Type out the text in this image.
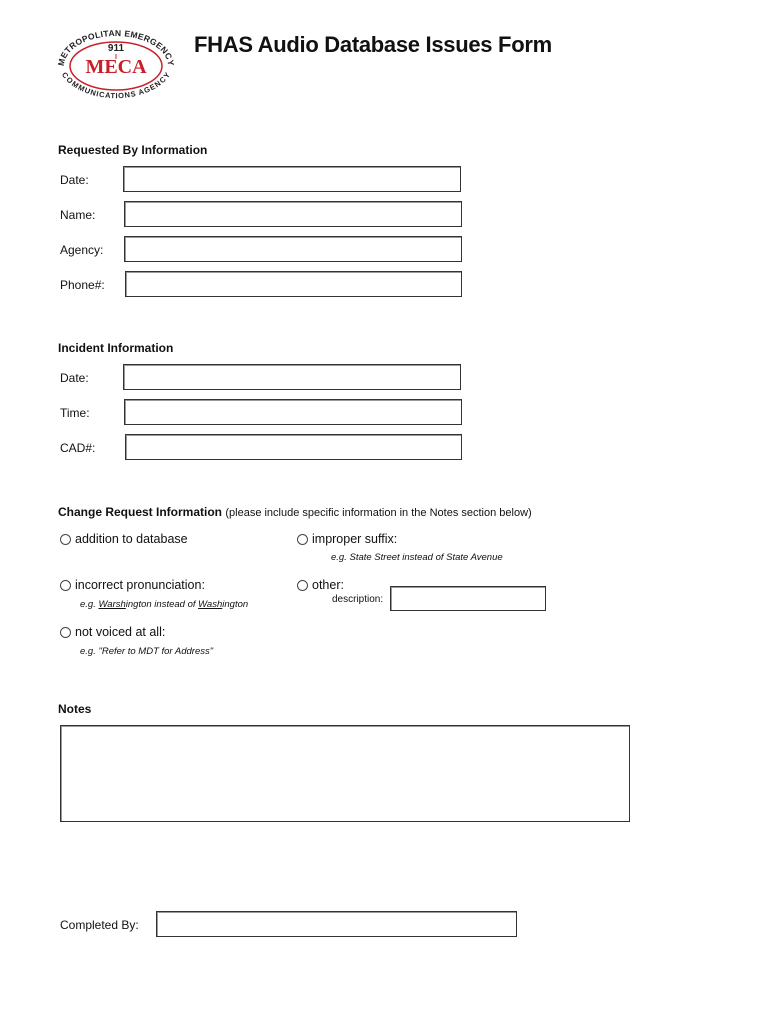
METROPOLITAN EMERGENCY
COMMUNICATIONS AGENCY
911
MECA
FHAS Audio Database Issues Form
Requested By Information
Date:
Name:
Agency:
Phone#:
Incident Information
Date:
Time:
CAD#:
Change Request Information (please include specific information in the Notes section below)
addition to database	improper suffix:
e.g. State Street instead of State Avenue
incorrect pronunciation:
e.g. Warshington instead of Washington
other:
description:
not voiced at all:
e.g. "Refer to MDT for Address"
Notes
Completed By:
